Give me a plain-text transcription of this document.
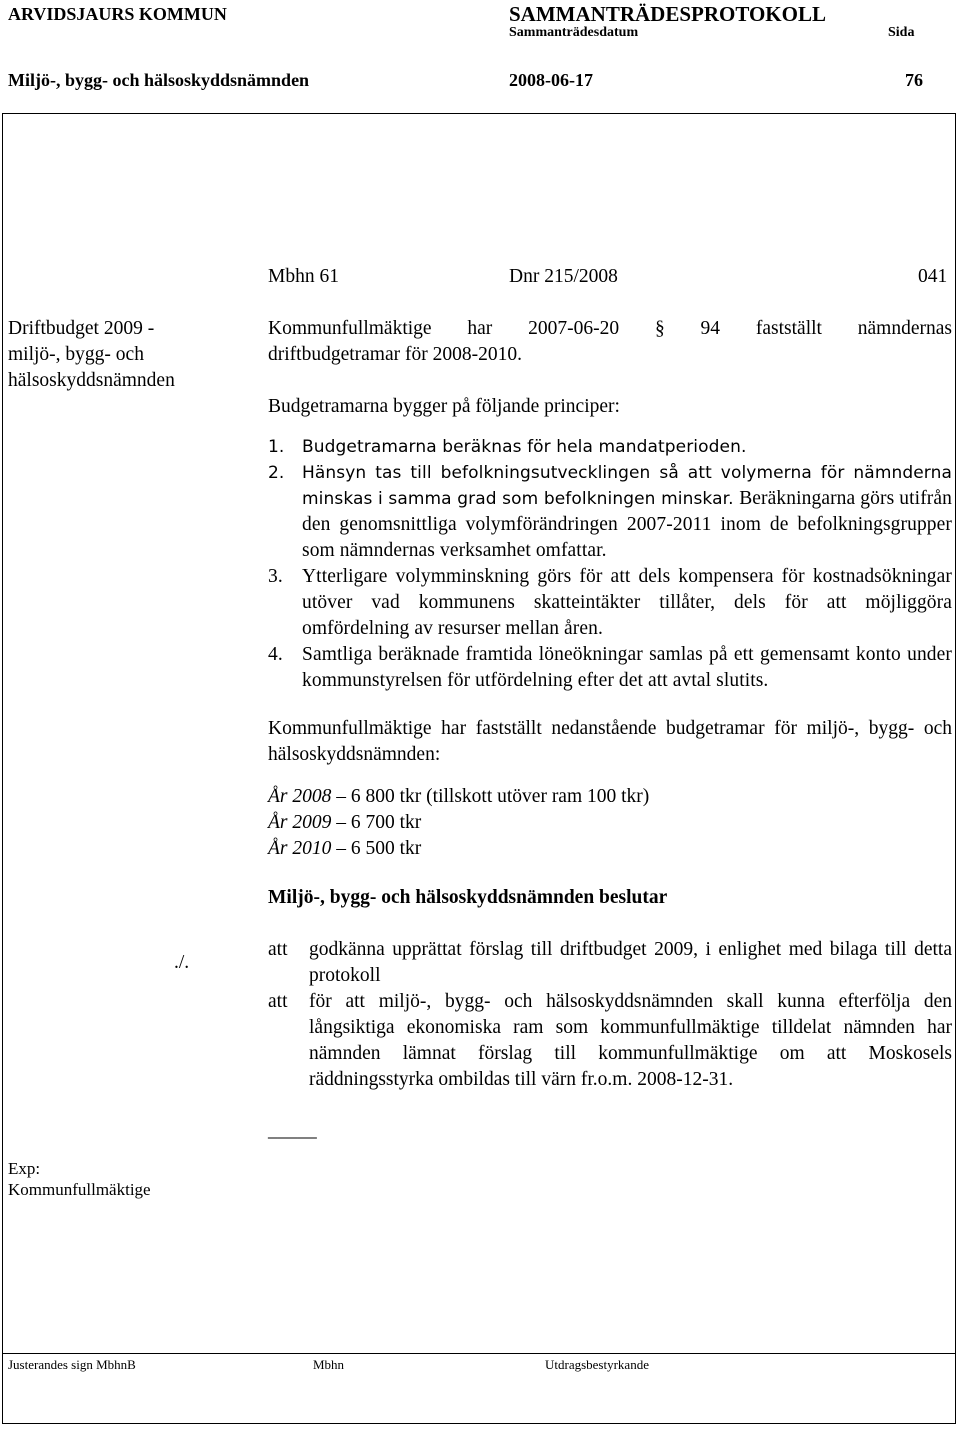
ARVIDSJAURS KOMMUN	SAMMANTRÄDESPROTOKOLL
Sammanträdesdatum	Sida
Miljö-, bygg- och hälsoskyddsnämnden	2008-06-17	76
Mbhn 61	Dnr 215/2008	041
Driftbudget 2009 -
miljö-, bygg- och
hälsoskyddsnämnden
Kommunfullmäktige har 2007-06-20 § 94 fastställt nämndernas
driftbudgetramar för 2008-2010.
Budgetramarna bygger på följande principer:
1.	Budgetramarna beräknas för hela mandatperioden.
2.	Hänsyn tas till befolkningsutvecklingen så att volymerna för nämnderna minskas i samma grad som befolkningen minskar. Beräkningarna görs utifrån den genomsnittliga volymförändringen 2007-2011 inom de befolkningsgrupper som nämndernas verksamhet omfattar.
3. Ytterligare volymminskning görs för att dels kompensera för kostnadsökningar utöver vad kommunens skatteintäkter tillåter, dels för att möjliggöra omfördelning av resurser mellan åren.
4. Samtliga beräknade framtida löneökningar samlas på ett gemensamt konto under kommunstyrelsen för utfördelning efter det att avtal slutits.
Kommunfullmäktige har fastställt nedanstående budgetramar för miljö-, bygg- och hälsoskyddsnämnden:
År 2008 – 6 800 tkr (tillskott utöver ram 100 tkr)
År 2009 – 6 700 tkr
År 2010 – 6 500 tkr
Miljö-, bygg- och hälsoskyddsnämnden beslutar
./.
att	godkänna upprättat förslag till driftbudget 2009, i enlighet med bilaga till detta protokoll
att	för att miljö-, bygg- och hälsoskyddsnämnden skall kunna efterfölja den långsiktiga ekonomiska ram som kommunfullmäktige tilldelat nämnden har nämnden lämnat förslag till kommunfullmäktige om att Moskosels räddningsstyrka ombildas till värn fr.o.m. 2008-12-31.
_____
Exp:
Kommunfullmäktige
Justerandes sign MbhnB	Mbhn	Utdragsbestyrkande
